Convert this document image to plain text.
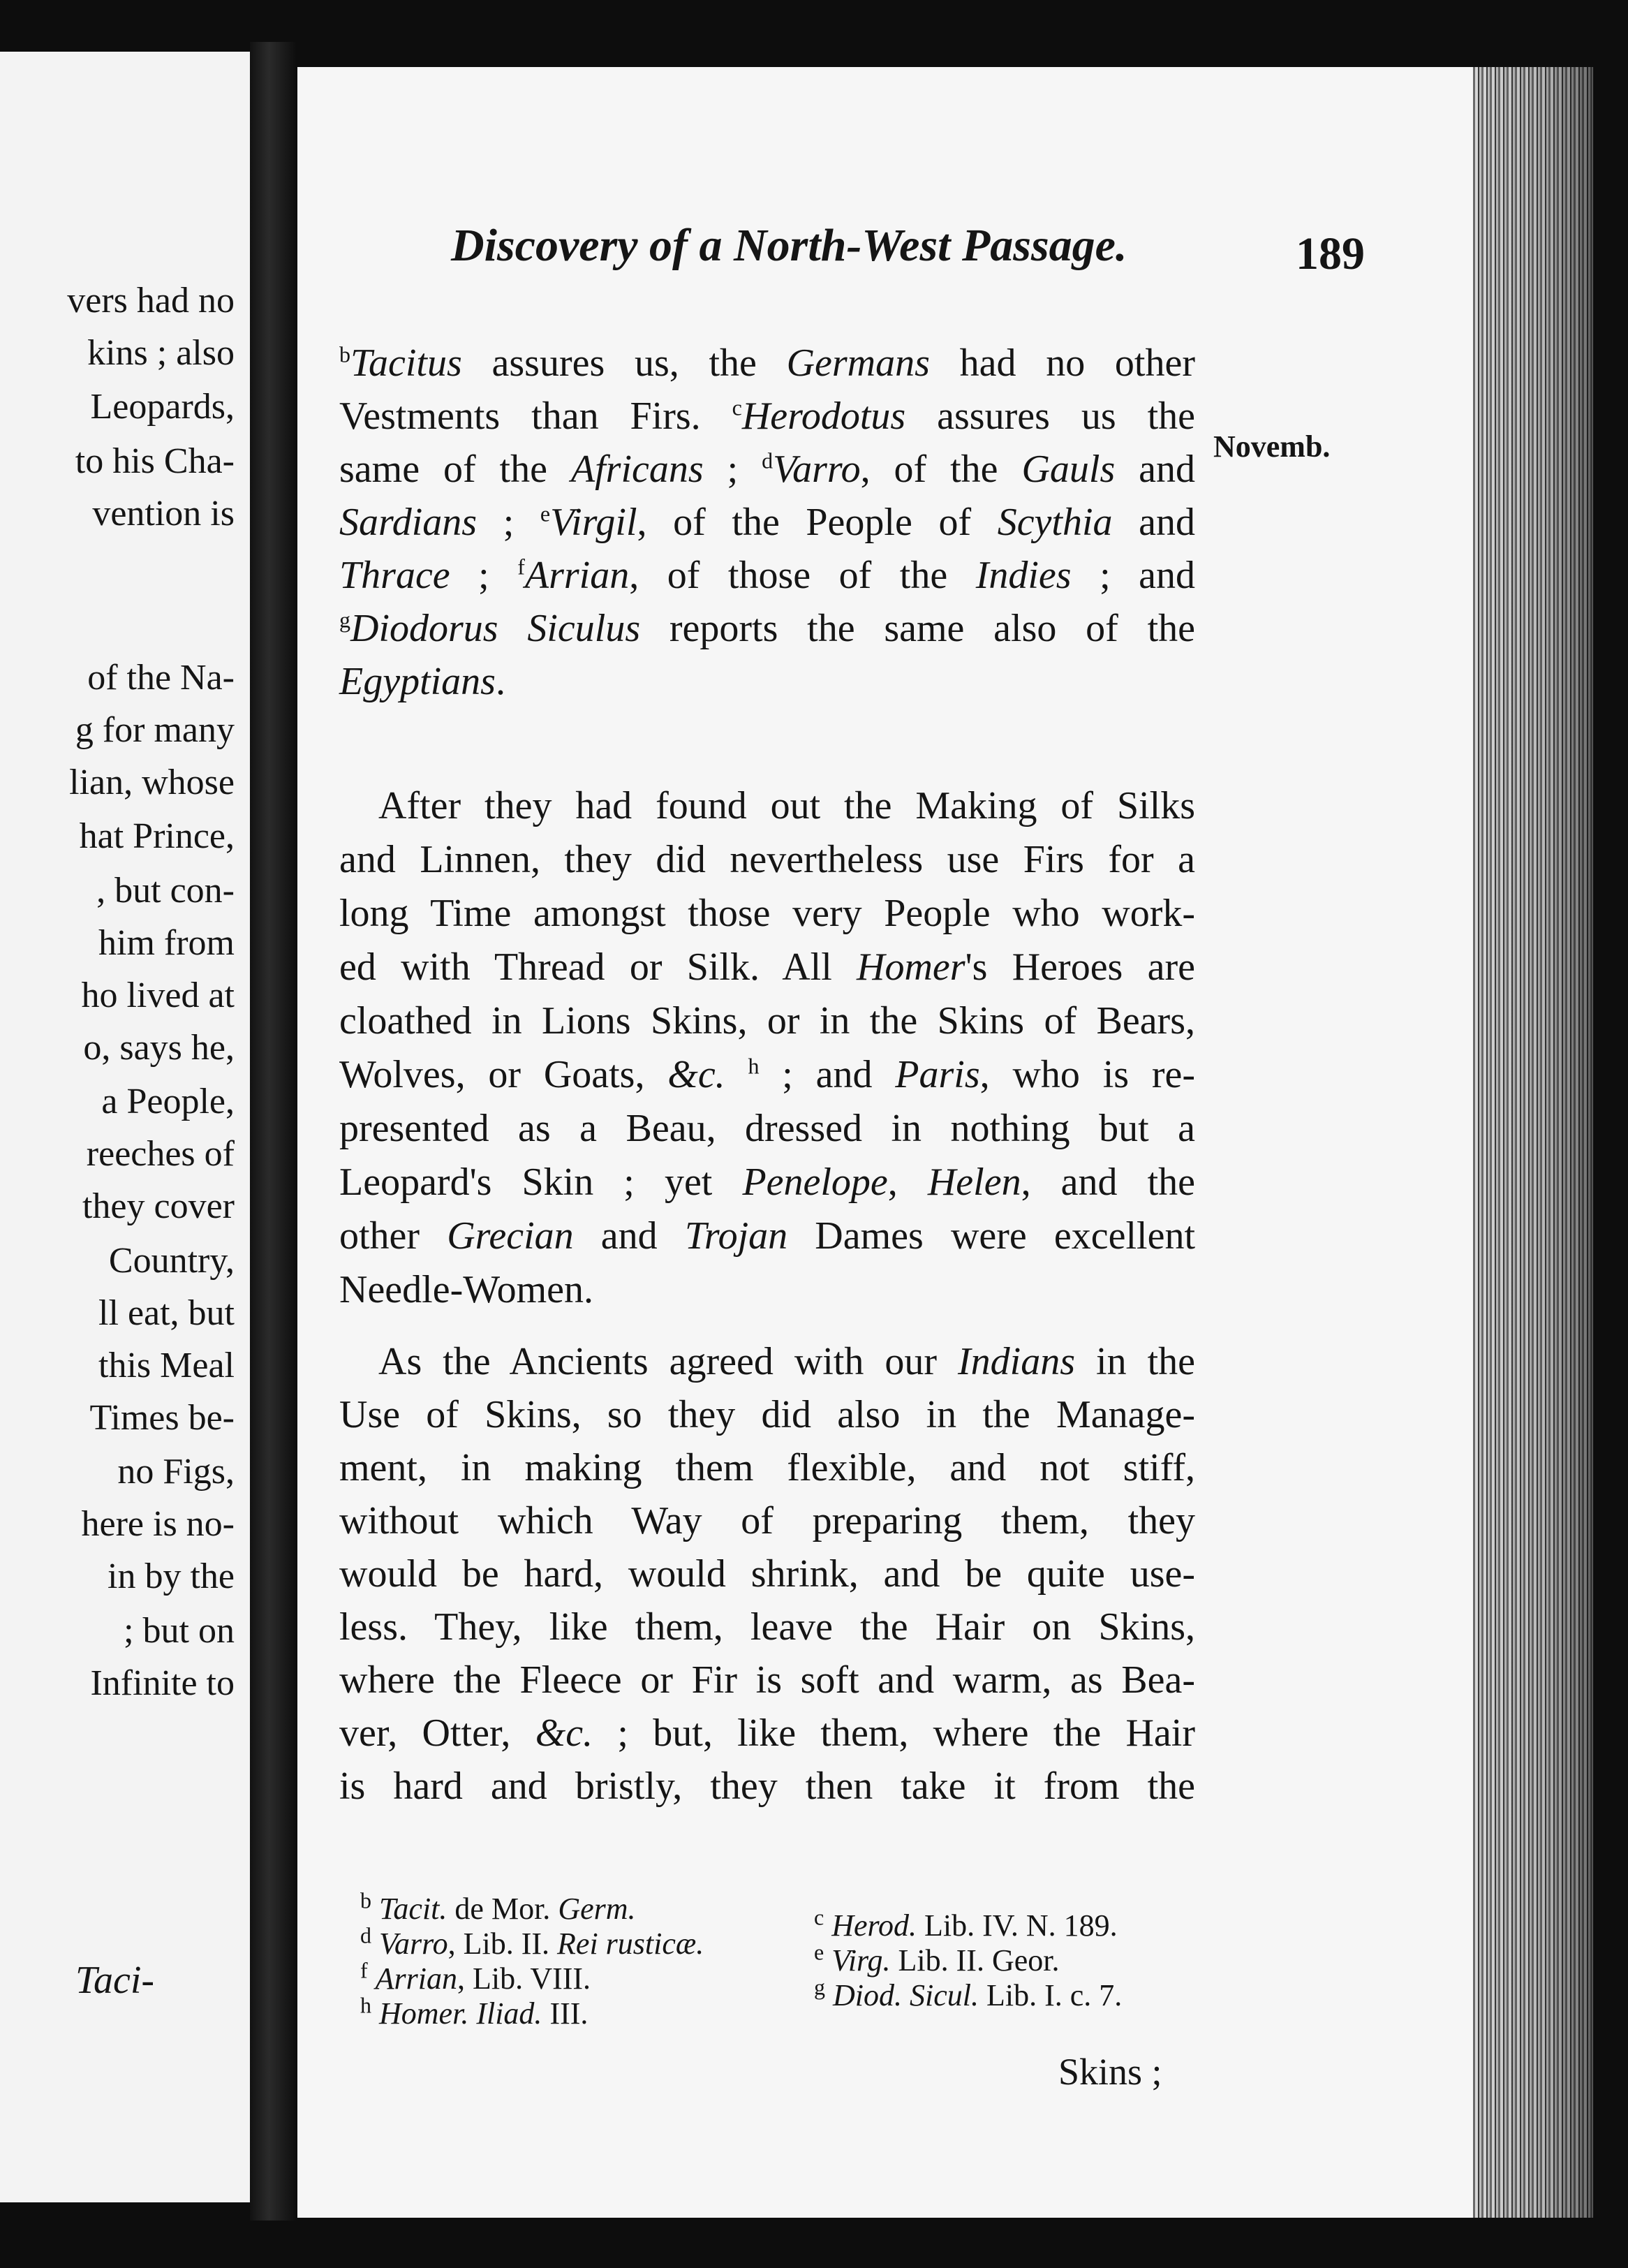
Taci-
vers had no
kins ; also
Leopards,
to his Cha-
vention is
of the Na-
g for many
lian, whose
hat Prince,
, but con-
him from
ho lived at
o, says he,
a People,
reeches of
they cover
Country,
ll eat, but
this Meal
Times be-
no Figs,
here is no-
in by the
; but on
Infinite to
Discovery of a North-West Passage.	189
Novemb.
$^b$Tacitus assures us, the Germans had no other
Vestments than Firs. $^c$Herodotus assures us the
same of the Africans ; $^d$Varro, of the Gauls and
Sardians ; $^e$Virgil, of the People of Scythia and
Thrace ; $^f$Arrian, of those of the Indies ; and
$^g$Diodorus Siculus reports the same also of the
Egyptians.
After they had found out the Making of Silks
and Linnen, they did nevertheless use Firs for a
long Time amongst those very People who work-
ed with Thread or Silk. All Homer's Heroes are
cloathed in Lions Skins, or in the Skins of Bears,
Wolves, or Goats, &c. $^h$ ; and Paris, who is re-
presented as a Beau, dressed in nothing but a
Leopard's Skin ; yet Penelope, Helen, and the
other Grecian and Trojan Dames were excellent
Needle-Women.
As the Ancients agreed with our Indians in the
Use of Skins, so they did also in the Manage-
ment, in making them flexible, and not stiff,
without which Way of preparing them, they
would be hard, would shrink, and be quite use-
less. They, like them, leave the Hair on Skins,
where the Fleece or Fir is soft and warm, as Bea-
ver, Otter, &c. ; but, like them, where the Hair
is hard and bristly, they then take it from the
$^b$ Tacit. de Mor. Germ.
$^d$ Varro, Lib. II. Rei rusticæ.
$^f$ Arrian, Lib. VIII.
$^h$ Homer. Iliad. III.
$^c$ Herod. Lib. IV. N. 189.
$^e$ Virg. Lib. II. Geor.
$^g$ Diod. Sicul. Lib. I. c. 7.
Skins ;
